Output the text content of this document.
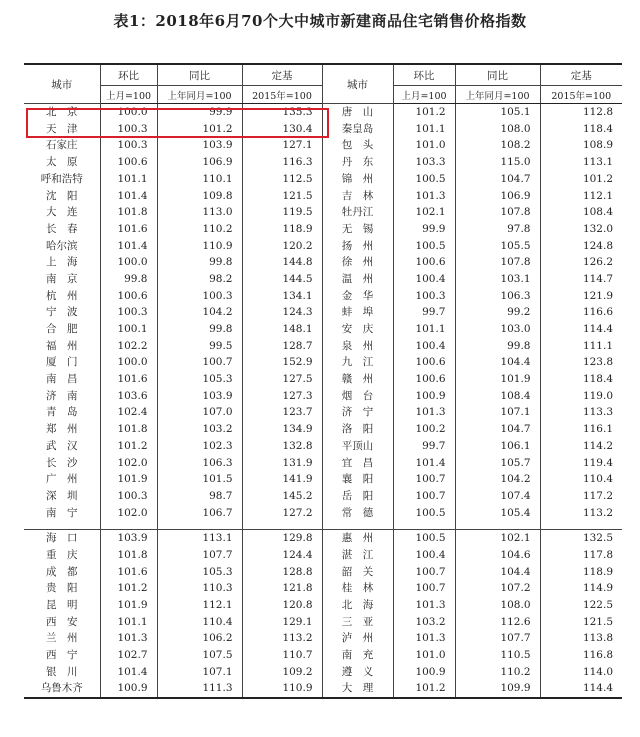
表1：2018年6月70个大中城市新建商品住宅销售价格指数
城市	环比	同比	定基	城市	环比	同比	定基
	上月=100	上年同月=100	2015年=100		上月=100	上年同月=100	2015年=100
北　京	100.0	99.9	135.3	唐　山	101.2	105.1	112.8
天　津	100.3	101.2	130.4	秦皇岛	101.1	108.0	118.4
石家庄	100.3	103.9	127.1	包　头	101.0	108.2	108.9
太　原	100.6	106.9	116.3	丹　东	103.3	115.0	113.1
呼和浩特	101.1	110.1	112.5	锦　州	100.5	104.7	101.2
沈　阳	101.4	109.8	121.5	吉　林	101.3	106.9	112.1
大　连	101.8	113.0	119.5	牡丹江	102.1	107.8	108.4
长　春	101.6	110.2	118.9	无　锡	99.9	97.8	132.0
哈尔滨	101.4	110.9	120.2	扬　州	100.5	105.5	124.8
上　海	100.0	99.8	144.8	徐　州	100.6	107.8	126.2
南　京	99.8	98.2	144.5	温　州	100.4	103.1	114.7
杭　州	100.6	100.3	134.1	金　华	100.3	106.3	121.9
宁　波	100.3	104.2	124.3	蚌　埠	99.7	99.2	116.6
合　肥	100.1	99.8	148.1	安　庆	101.1	103.0	114.4
福　州	102.2	99.5	128.7	泉　州	100.4	99.8	111.1
厦　门	100.0	100.7	152.9	九　江	100.6	104.4	123.8
南　昌	101.6	105.3	127.5	赣　州	100.6	101.9	118.4
济　南	103.6	103.9	127.3	烟　台	100.9	108.4	119.0
青　岛	102.4	107.0	123.7	济　宁	101.3	107.1	113.3
郑　州	101.8	103.2	134.9	洛　阳	100.2	104.7	116.1
武　汉	101.2	102.3	132.8	平顶山	99.7	106.1	114.2
长　沙	102.0	106.3	131.9	宜　昌	101.4	105.7	119.4
广　州	101.9	101.5	141.9	襄　阳	100.7	104.2	110.4
深　圳	100.3	98.7	145.2	岳　阳	100.7	107.4	117.2
南　宁	102.0	106.7	127.2	常　德	100.5	105.4	113.2

海　口	103.9	113.1	129.8	惠　州	100.5	102.1	132.5
重　庆	101.8	107.7	124.4	湛　江	100.4	104.6	117.8
成　都	101.6	105.3	128.8	韶　关	100.7	104.4	118.9
贵　阳	101.2	110.3	121.8	桂　林	100.7	107.2	114.9
昆　明	101.9	112.1	120.8	北　海	101.3	108.0	122.5
西　安	101.1	110.4	129.1	三　亚	103.2	112.6	121.5
兰　州	101.3	106.2	113.2	泸　州	101.3	107.7	113.8
西　宁	102.7	107.5	110.7	南　充	101.0	110.5	116.8
银　川	101.4	107.1	109.2	遵　义	100.9	110.2	114.0
乌鲁木齐	100.9	111.3	110.9	大　理	101.2	109.9	114.4
